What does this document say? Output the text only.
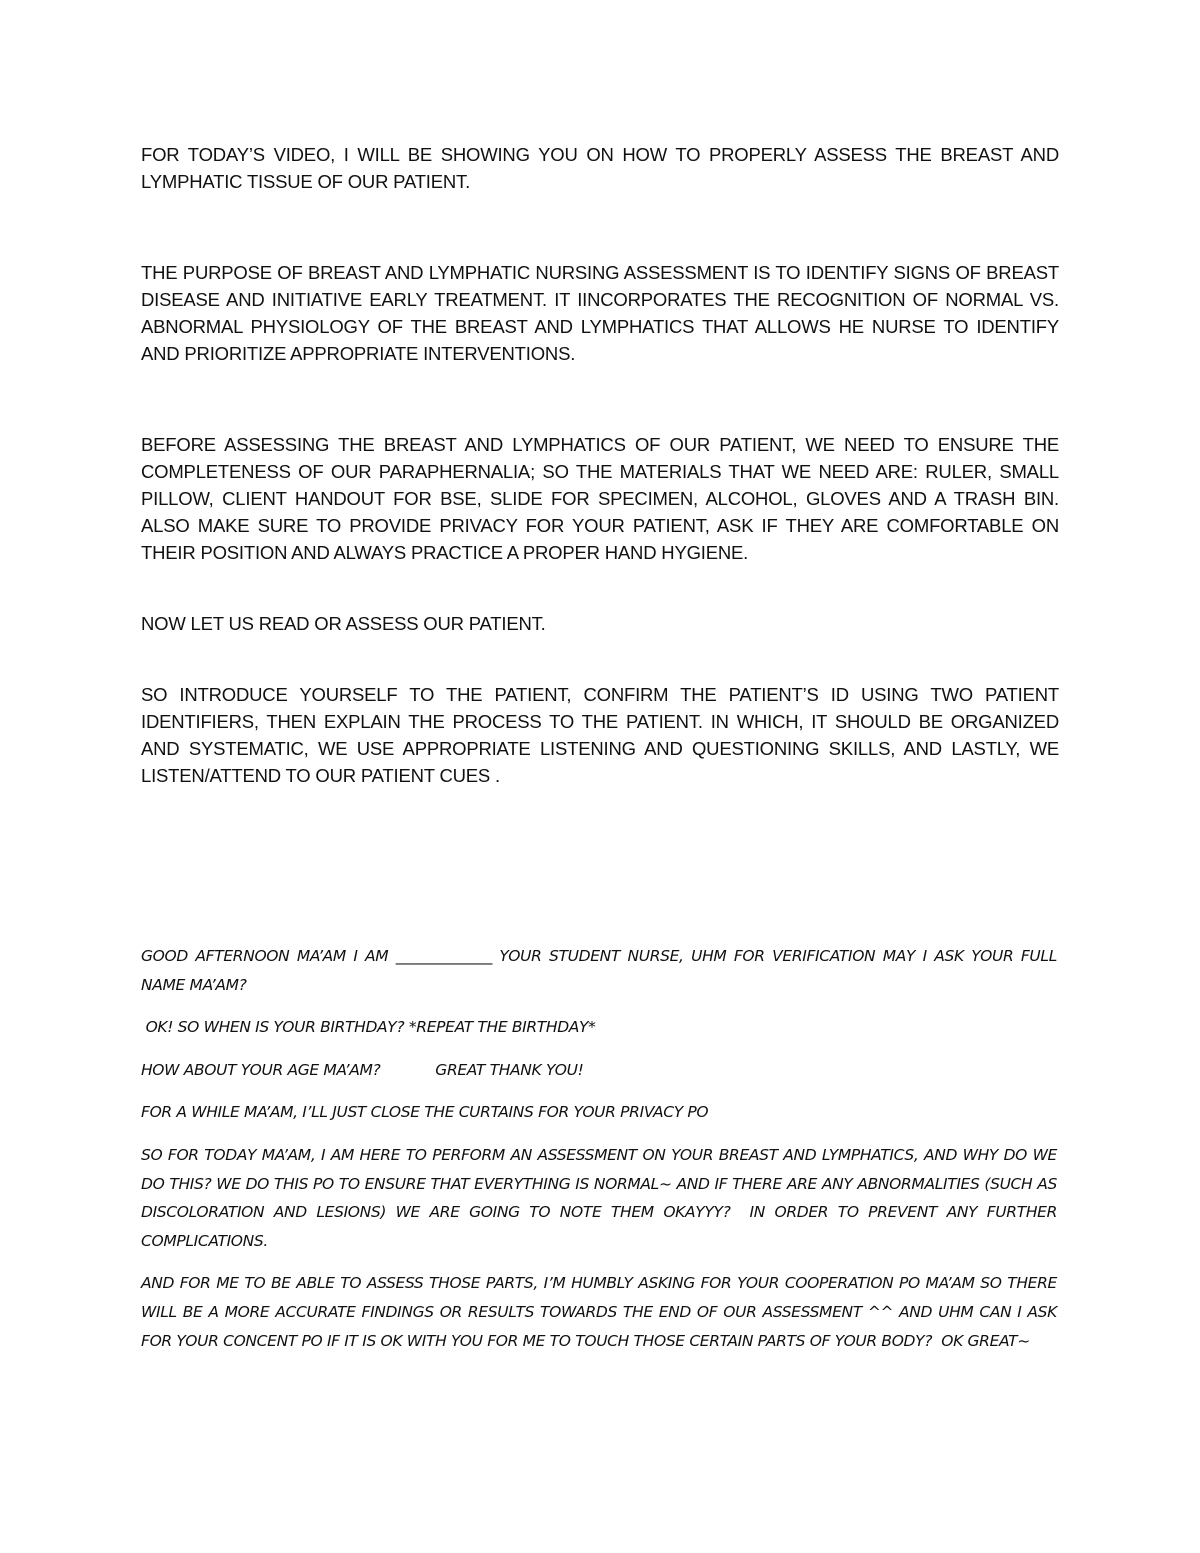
FOR TODAY’S VIDEO, I WILL BE SHOWING YOU ON HOW TO PROPERLY ASSESS THE BREAST AND LYMPHATIC TISSUE OF OUR PATIENT.

THE PURPOSE OF BREAST AND LYMPHATIC NURSING ASSESSMENT IS TO IDENTIFY SIGNS OF BREAST DISEASE AND INITIATIVE EARLY TREATMENT. IT IINCORPORATES THE RECOGNITION OF NORMAL VS. ABNORMAL PHYSIOLOGY OF THE BREAST AND LYMPHATICS THAT ALLOWS HE NURSE TO IDENTIFY AND PRIORITIZE APPROPRIATE INTERVENTIONS.

BEFORE ASSESSING THE BREAST AND LYMPHATICS OF OUR PATIENT, WE NEED TO ENSURE THE COMPLETENESS OF OUR PARAPHERNALIA; SO THE MATERIALS THAT WE NEED ARE: RULER, SMALL PILLOW, CLIENT HANDOUT FOR BSE, SLIDE FOR SPECIMEN, ALCOHOL, GLOVES AND A TRASH BIN. ALSO MAKE SURE TO PROVIDE PRIVACY FOR YOUR PATIENT, ASK IF THEY ARE COMFORTABLE ON THEIR POSITION AND ALWAYS PRACTICE A PROPER HAND HYGIENE.

NOW LET US READ OR ASSESS OUR PATIENT.

SO INTRODUCE YOURSELF TO THE PATIENT, CONFIRM THE PATIENT’S ID USING TWO PATIENT IDENTIFIERS, THEN EXPLAIN THE PROCESS TO THE PATIENT. IN WHICH, IT SHOULD BE ORGANIZED AND SYSTEMATIC, WE USE APPROPRIATE LISTENING AND QUESTIONING SKILLS, AND LASTLY, WE LISTEN/ATTEND TO OUR PATIENT CUES .

GOOD AFTERNOON MA’AM I AM _____________ YOUR STUDENT NURSE, UHM FOR VERIFICATION MAY I ASK YOUR FULL NAME MA’AM?

OK! SO WHEN IS YOUR BIRTHDAY? *REPEAT THE BIRTHDAY*

HOW ABOUT YOUR AGE MA’AM?            GREAT THANK YOU!

FOR A WHILE MA’AM, I’LL JUST CLOSE THE CURTAINS FOR YOUR PRIVACY PO

SO FOR TODAY MA’AM, I AM HERE TO PERFORM AN ASSESSMENT ON YOUR BREAST AND LYMPHATICS, AND WHY DO WE DO THIS? WE DO THIS PO TO ENSURE THAT EVERYTHING IS NORMAL~ AND IF THERE ARE ANY ABNORMALITIES (SUCH AS DISCOLORATION AND LESIONS) WE ARE GOING TO NOTE THEM OKAYYY?  IN ORDER TO PREVENT ANY FURTHER COMPLICATIONS.

AND FOR ME TO BE ABLE TO ASSESS THOSE PARTS, I’M HUMBLY ASKING FOR YOUR COOPERATION PO MA’AM SO THERE WILL BE A MORE ACCURATE FINDINGS OR RESULTS TOWARDS THE END OF OUR ASSESSMENT ^^ AND UHM CAN I ASK FOR YOUR CONCENT PO IF IT IS OK WITH YOU FOR ME TO TOUCH THOSE CERTAIN PARTS OF YOUR BODY?  OK GREAT~
